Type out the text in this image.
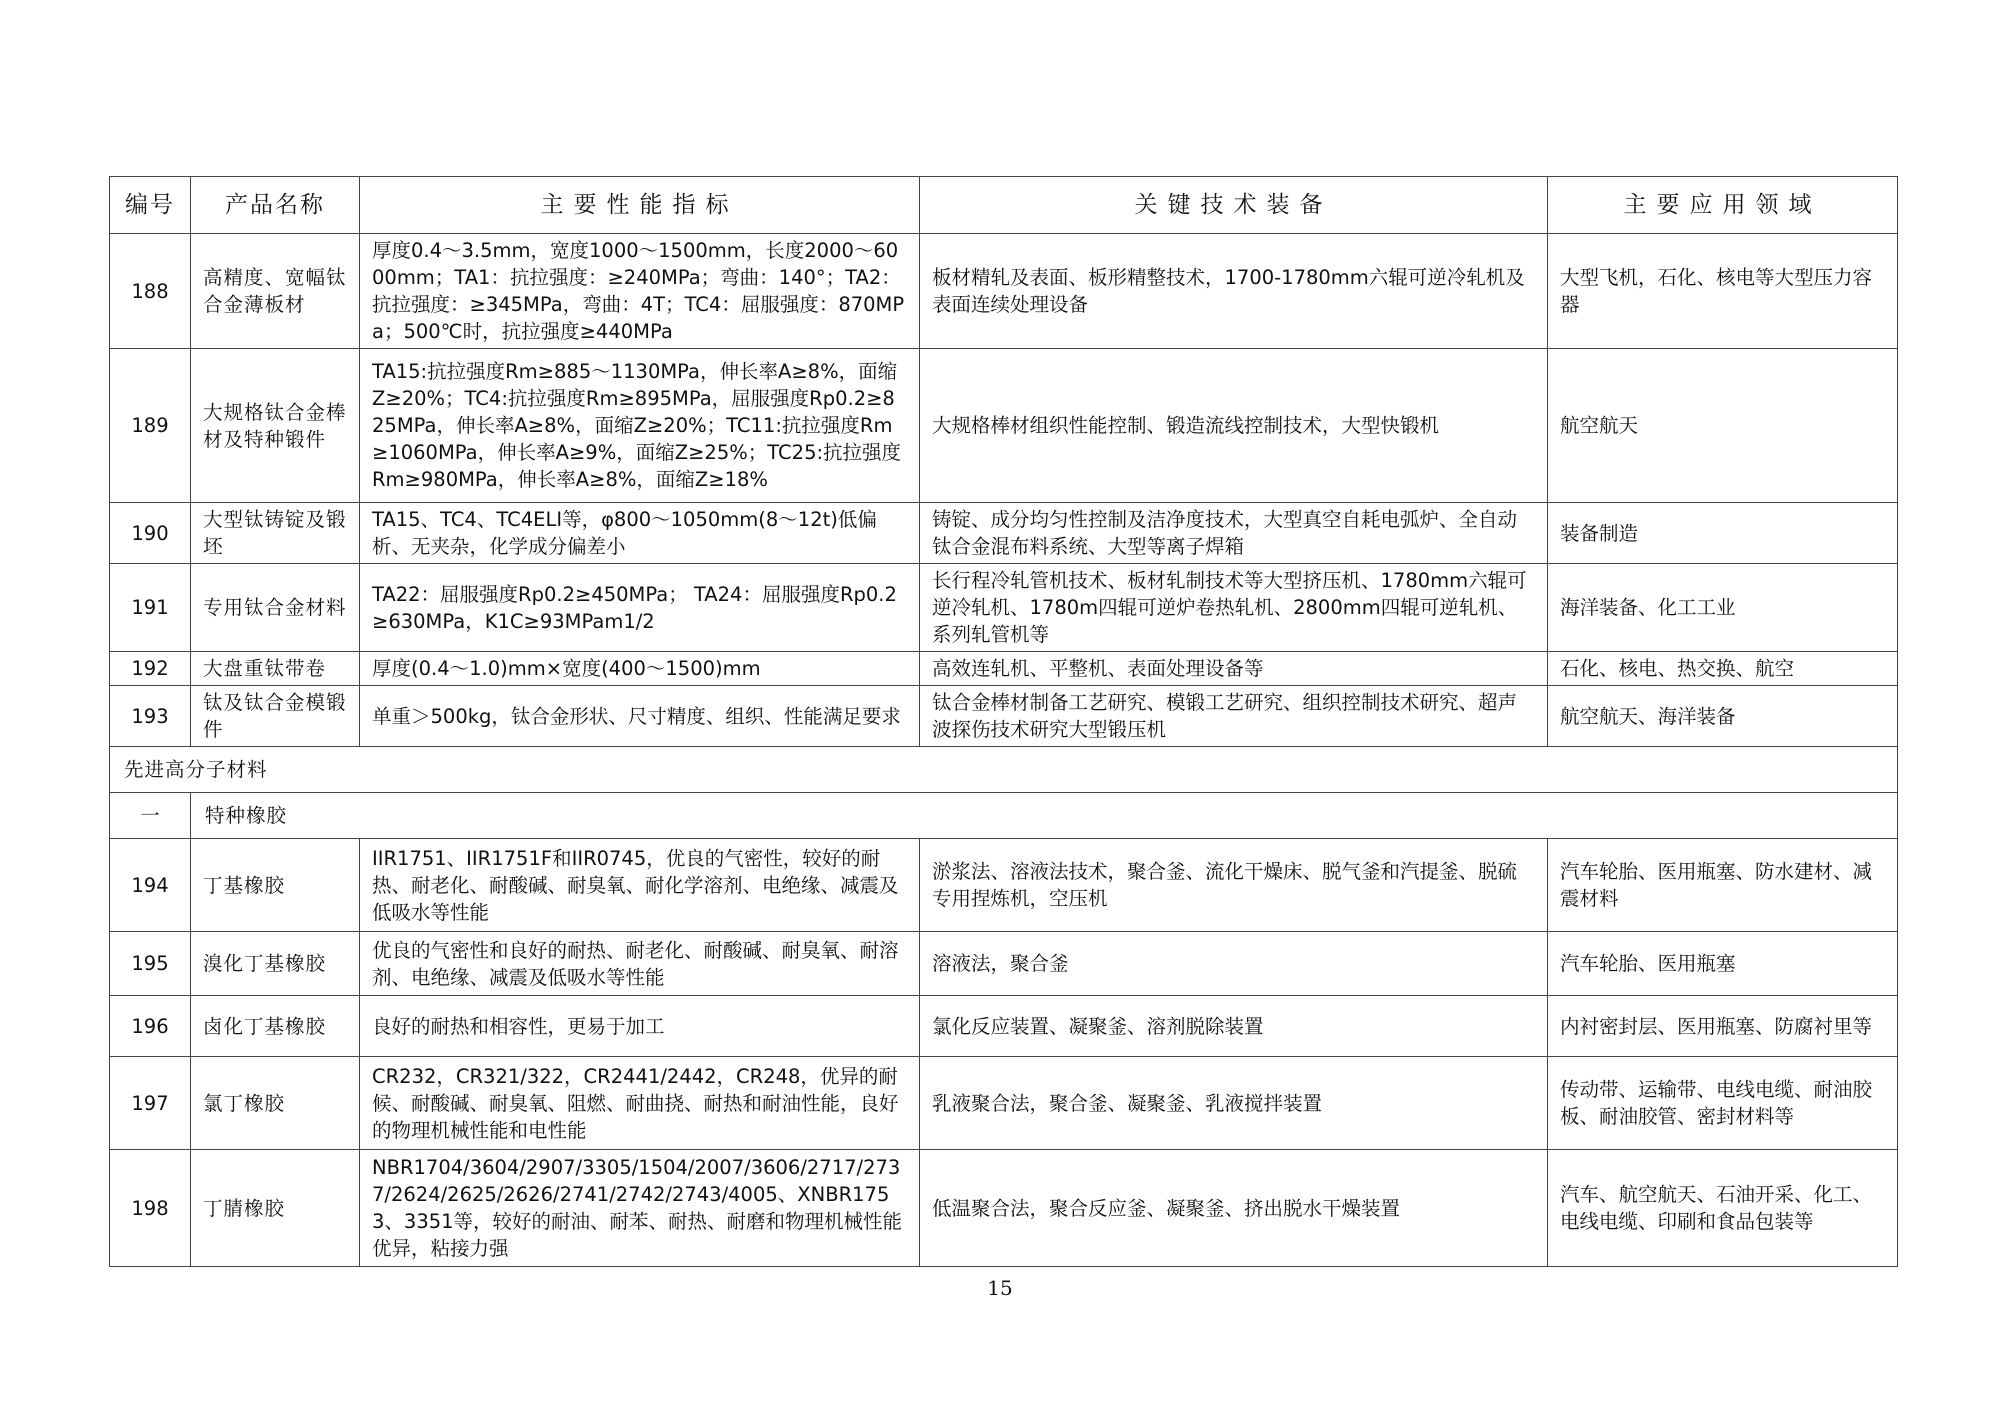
编号	产品名称	主要性能指标	关键技术装备	主要应用领域
188	高精度、宽幅钛合金薄板材	厚度0.4～3.5mm，宽度1000～1500mm，长度2000～6000mm；TA1：抗拉强度：≥240MPa；弯曲：140°；TA2：抗拉强度：≥345MPa，弯曲：4T；TC4：屈服强度：870MPa；500℃时，抗拉强度≥440MPa	板材精轧及表面、板形精整技术，1700-1780mm六辊可逆冷轧机及表面连续处理设备	大型飞机，石化、核电等大型压力容器
189	大规格钛合金棒材及特种锻件	TA15:抗拉强度Rm≥885～1130MPa，伸长率A≥8%，面缩Z≥20%；TC4:抗拉强度Rm≥895MPa，屈服强度Rp0.2≥825MPa，伸长率A≥8%，面缩Z≥20%；TC11:抗拉强度Rm≥1060MPa，伸长率A≥9%，面缩Z≥25%；TC25:抗拉强度Rm≥980MPa，伸长率A≥8%，面缩Z≥18%	大规格棒材组织性能控制、锻造流线控制技术，大型快锻机	航空航天
190	大型钛铸锭及锻坯	TA15、TC4、TC4ELI等，φ800～1050mm(8～12t)低偏析、无夹杂，化学成分偏差小	铸锭、成分均匀性控制及洁净度技术，大型真空自耗电弧炉、全自动钛合金混布料系统、大型等离子焊箱	装备制造
191	专用钛合金材料	TA22：屈服强度Rp0.2≥450MPa； TA24：屈服强度Rp0.2≥630MPa，K1C≥93MPam1/2	长行程冷轧管机技术、板材轧制技术等大型挤压机、1780mm六辊可逆冷轧机、1780m四辊可逆炉卷热轧机、2800mm四辊可逆轧机、系列轧管机等	海洋装备、化工工业
192	大盘重钛带卷	厚度(0.4～1.0)mm×宽度(400～1500)mm	高效连轧机、平整机、表面处理设备等	石化、核电、热交换、航空
193	钛及钛合金模锻件	单重＞500kg，钛合金形状、尺寸精度、组织、性能满足要求	钛合金棒材制备工艺研究、模锻工艺研究、组织控制技术研究、超声波探伤技术研究大型锻压机	航空航天、海洋装备
先进高分子材料				
一	特种橡胶			
194	丁基橡胶	IIR1751、IIR1751F和IIR0745，优良的气密性，较好的耐热、耐老化、耐酸碱、耐臭氧、耐化学溶剂、电绝缘、减震及低吸水等性能	淤浆法、溶液法技术，聚合釜、流化干燥床、脱气釜和汽提釜、脱硫专用捏炼机，空压机	汽车轮胎、医用瓶塞、防水建材、减震材料
195	溴化丁基橡胶	优良的气密性和良好的耐热、耐老化、耐酸碱、耐臭氧、耐溶剂、电绝缘、减震及低吸水等性能	溶液法，聚合釜	汽车轮胎、医用瓶塞
196	卤化丁基橡胶	良好的耐热和相容性，更易于加工	氯化反应装置、凝聚釜、溶剂脱除装置	内衬密封层、医用瓶塞、防腐衬里等
197	氯丁橡胶	CR232，CR321/322，CR2441/2442，CR248，优异的耐候、耐酸碱、耐臭氧、阻燃、耐曲挠、耐热和耐油性能，良好的物理机械性能和电性能	乳液聚合法，聚合釜、凝聚釜、乳液搅拌装置	传动带、运输带、电线电缆、耐油胶板、耐油胶管、密封材料等
198	丁腈橡胶	NBR1704/3604/2907/3305/1504/2007/3606/2717/2737/2624/2625/2626/2741/2742/2743/4005、XNBR1753、3351等，较好的耐油、耐苯、耐热、耐磨和物理机械性能优异，粘接力强	低温聚合法，聚合反应釜、凝聚釜、挤出脱水干燥装置	汽车、航空航天、石油开采、化工、电线电缆、印刷和食品包装等
15
